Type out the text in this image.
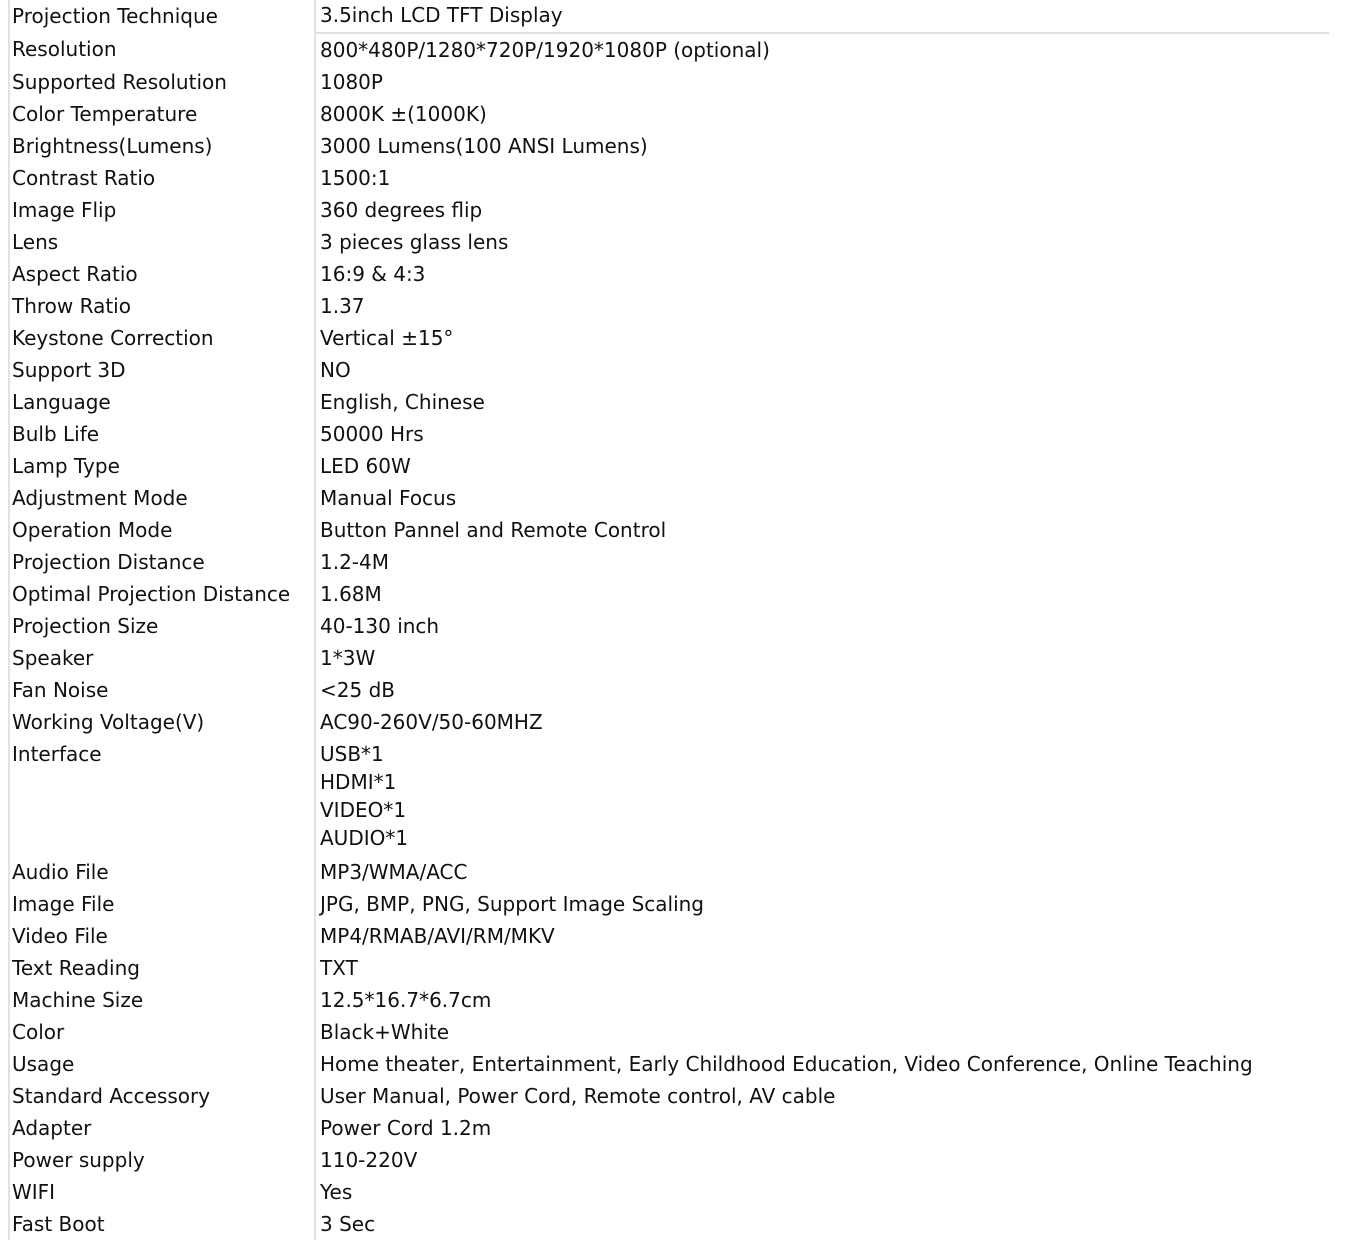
Projection Technique	3.5inch LCD TFT Display
Resolution	800*480P/1280*720P/1920*1080P (optional)
Supported Resolution	1080P
Color Temperature	8000K ±(1000K)
Brightness(Lumens)	3000 Lumens(100 ANSI Lumens)
Contrast Ratio	1500:1
Image Flip	360 degrees flip
Lens	3 pieces glass lens
Aspect Ratio	16:9 & 4:3
Throw Ratio	1.37
Keystone Correction	Vertical ±15°
Support 3D	NO
Language	English, Chinese
Bulb Life	50000 Hrs
Lamp Type	LED 60W
Adjustment Mode	Manual Focus
Operation Mode	Button Pannel and Remote Control
Projection Distance	1.2-4M
Optimal Projection Distance	1.68M
Projection Size	40-130 inch
Speaker	1*3W
Fan Noise	<25 dB
Working Voltage(V)	AC90-260V/50-60MHZ
Interface	USB*1
HDMI*1
VIDEO*1
AUDIO*1

Audio File	MP3/WMA/ACC
Image File	JPG, BMP, PNG, Support Image Scaling
Video File	MP4/RMAB/AVI/RM/MKV
Text Reading	TXT
Machine Size	12.5*16.7*6.7cm
Color	Black+White
Usage	Home theater, Entertainment, Early Childhood Education, Video Conference, Online Teaching
Standard Accessory	User Manual, Power Cord, Remote control, AV cable
Adapter	Power Cord 1.2m
Power supply	110-220V
WIFI	Yes
Fast Boot	3 Sec
